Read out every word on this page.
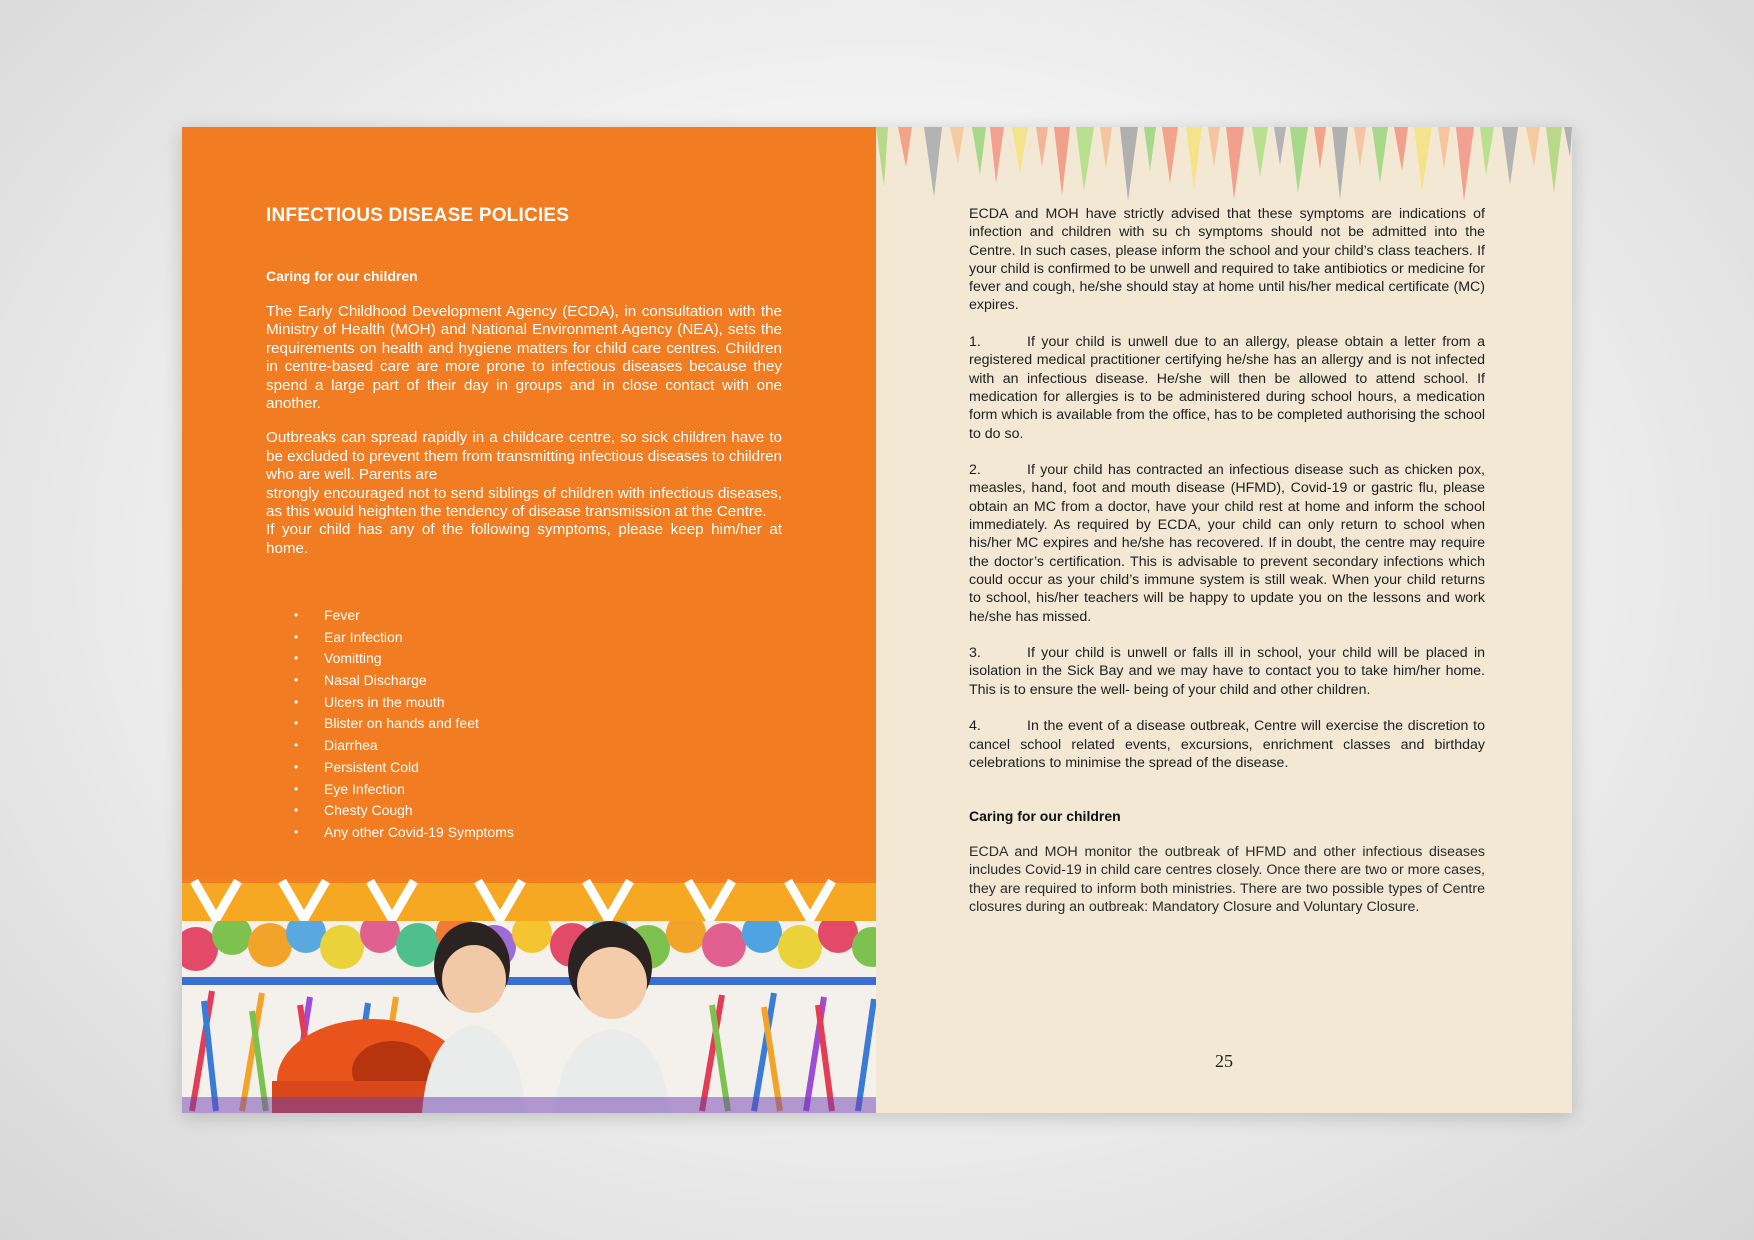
INFECTIOUS DISEASE POLICIES
Caring for our children

The Early Childhood Development Agency (ECDA), in consultation with the Ministry of Health (MOH) and National Environment Agency (NEA), sets the requirements on health and hygiene matters for child care centres. Children in centre-based care are more prone to infectious diseases because they spend a large part of their day in groups and in close contact with one another.

Outbreaks can spread rapidly in a childcare centre, so sick children have to be excluded to prevent them from transmitting infectious diseases to children who are well. Parents are

strongly encouraged not to send siblings of children with infectious diseases, as this would heighten the tendency of disease transmission at the Centre.

If your child has any of the following symptoms, please keep him/her at home.

• Fever
• Ear Infection
• Vomitting
• Nasal Discharge
• Ulcers in the mouth
• Blister on hands and feet
• Diarrhea
• Persistent Cold
• Eye Infection
• Chesty Cough
• Any other Covid-19 Symptoms

ECDA and MOH have strictly advised that these symptoms are indications of infection and children with su ch symptoms should not be admitted into the Centre. In such cases, please inform the school and your child’s class teachers. If your child is confirmed to be unwell and required to take antibiotics or medicine for fever and cough, he/she should stay at home until his/her medical certificate (MC) expires.

1.	If your child is unwell due to an allergy, please obtain a letter from a registered medical practitioner certifying he/she has an allergy and is not infected with an infectious disease. He/she will then be allowed to attend school. If medication for allergies is to be administered during school hours, a medication form which is available from the office, has to be completed authorising the school to do so.

2.	If your child has contracted an infectious disease such as chicken pox, measles, hand, foot and mouth disease (HFMD), Covid-19 or gastric flu, please obtain an MC from a doctor, have your child rest at home and inform the school immediately. As required by ECDA, your child can only return to school when his/her MC expires and he/she has recovered. If in doubt, the centre may require the doctor’s certification. This is advisable to prevent secondary infections which could occur as your child’s immune system is still weak. When your child returns to school, his/her teachers will be happy to update you on the lessons and work he/she has missed.

3.	If your child is unwell or falls ill in school, your child will be placed in isolation in the Sick Bay and we may have to contact you to take him/her home. This is to ensure the well- being of your child and other children.

4.	In the event of a disease outbreak, Centre will exercise the discretion to cancel school related events, excursions, enrichment classes and birthday celebrations to minimise the spread of the disease.

Caring for our children

ECDA and MOH monitor the outbreak of HFMD and other infectious diseases includes Covid-19 in child care centres closely. Once there are two or more cases, they are required to inform both ministries. There are two possible types of Centre closures during an outbreak: Mandatory Closure and Voluntary Closure.

25
